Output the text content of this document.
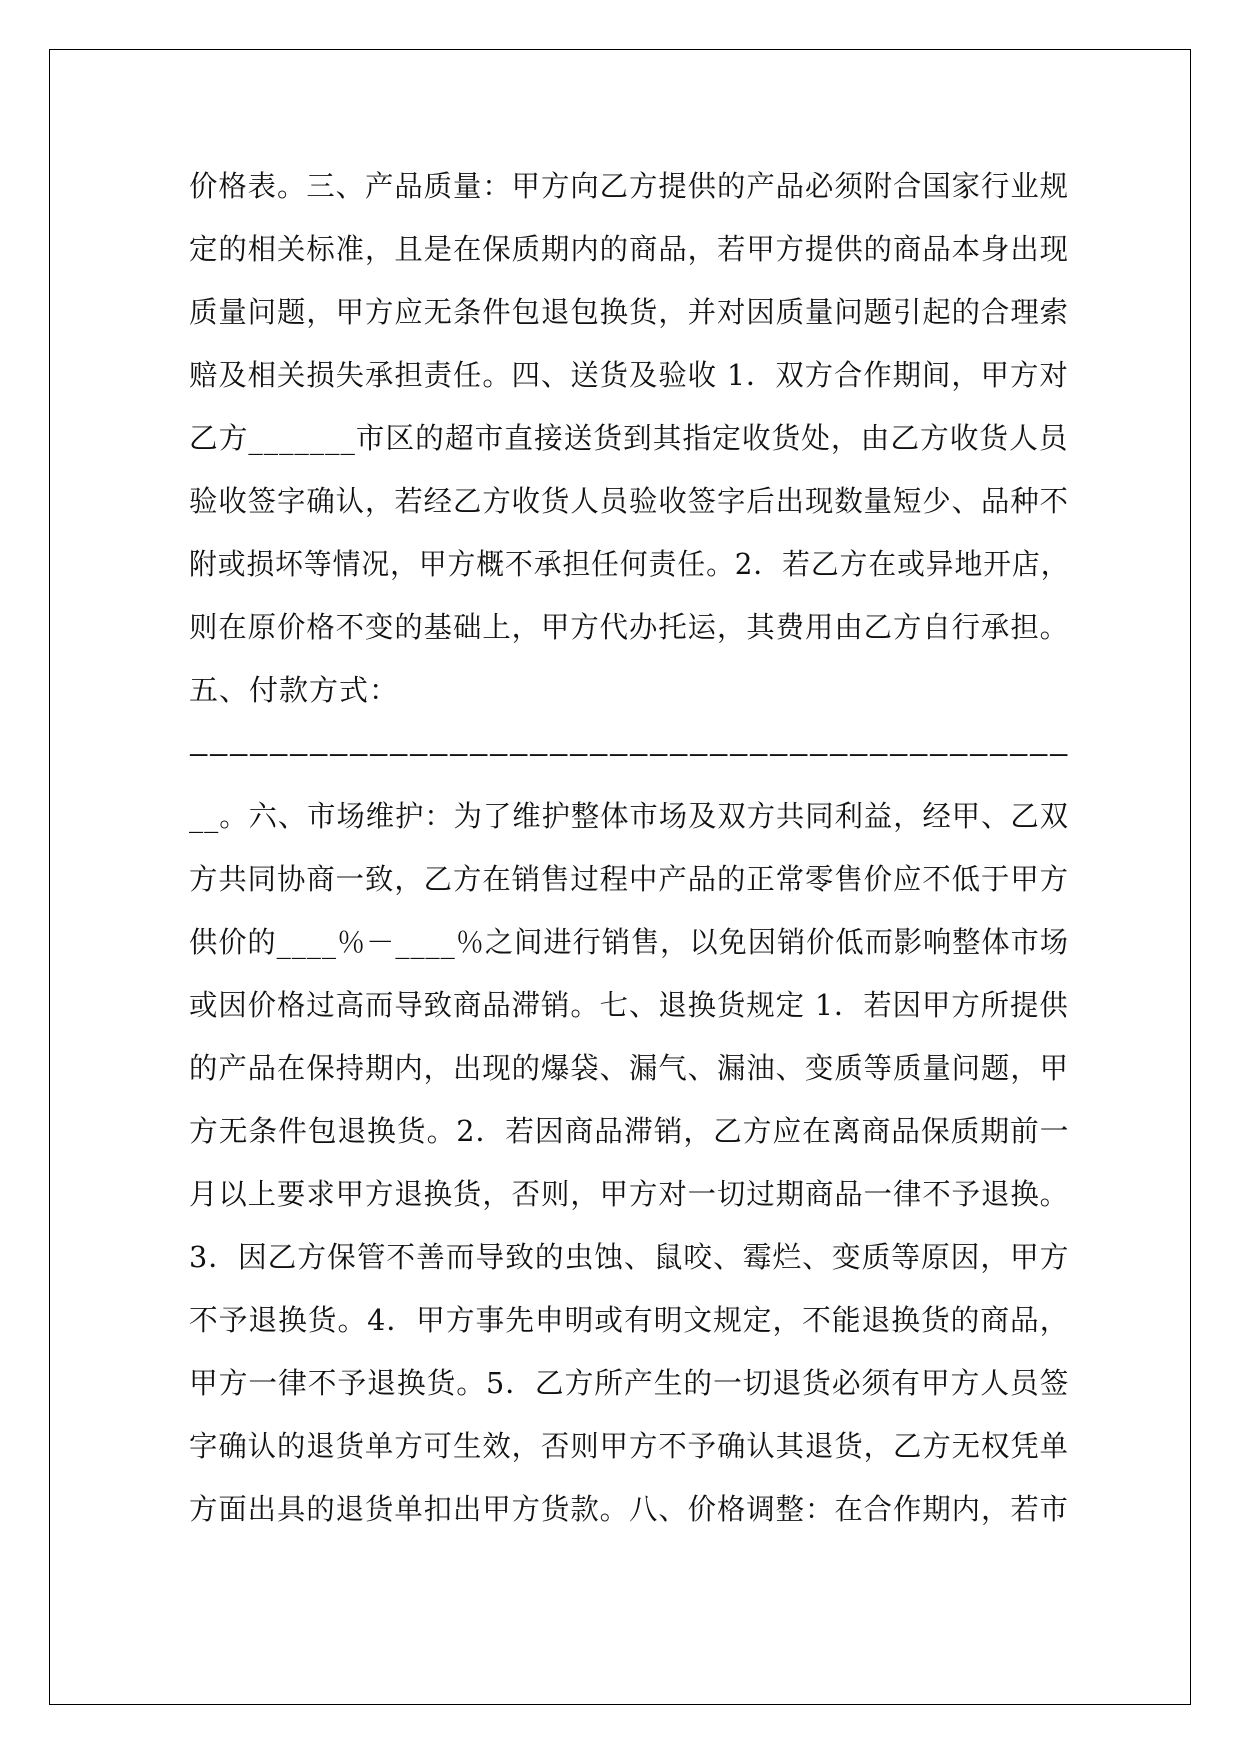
价格表。三、产品质量：甲方向乙方提供的产品必须附合国家行业规
定的相关标准，且是在保质期内的商品，若甲方提供的商品本身出现
质量问题，甲方应无条件包退包换货，并对因质量问题引起的合理索
赔及相关损失承担责任。四、送货及验收 1．双方合作期间，甲方对
乙方_______市区的超市直接送货到其指定收货处，由乙方收货人员
验收签字确认，若经乙方收货人员验收签字后出现数量短少、品种不
附或损坏等情况，甲方概不承担任何责任。2．若乙方在或异地开店，
则在原价格不变的基础上，甲方代办托运，其费用由乙方自行承担。
五、付款方式：
————————————————————————————————————————————
__。六、市场维护：为了维护整体市场及双方共同利益，经甲、乙双
方共同协商一致，乙方在销售过程中产品的正常零售价应不低于甲方
供价的____％－____％之间进行销售，以免因销价低而影响整体市场
或因价格过高而导致商品滞销。七、退换货规定 1．若因甲方所提供
的产品在保持期内，出现的爆袋、漏气、漏油、变质等质量问题，甲
方无条件包退换货。2．若因商品滞销，乙方应在离商品保质期前一
月以上要求甲方退换货，否则，甲方对一切过期商品一律不予退换。
3．因乙方保管不善而导致的虫蚀、鼠咬、霉烂、变质等原因，甲方
不予退换货。4．甲方事先申明或有明文规定，不能退换货的商品，
甲方一律不予退换货。5．乙方所产生的一切退货必须有甲方人员签
字确认的退货单方可生效，否则甲方不予确认其退货，乙方无权凭单
方面出具的退货单扣出甲方货款。八、价格调整：在合作期内，若市
